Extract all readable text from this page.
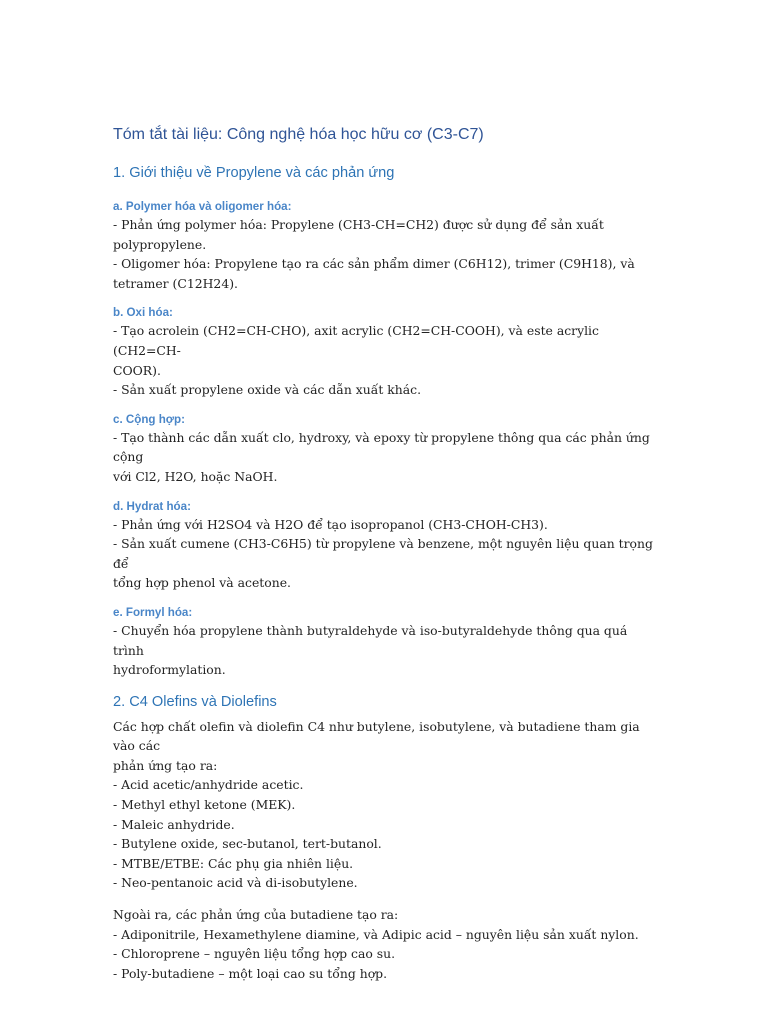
Tóm tắt tài liệu: Công nghệ hóa học hữu cơ (C3-C7)
1. Giới thiệu về Propylene và các phản ứng
a. Polymer hóa và oligomer hóa:

- Phản ứng polymer hóa: Propylene (CH3-CH=CH2) được sử dụng để sản xuất
polypropylene.
- Oligomer hóa: Propylene tạo ra các sản phẩm dimer (C6H12), trimer (C9H18), và
tetramer (C12H24).

b. Oxi hóa:

- Tạo acrolein (CH2=CH-CHO), axit acrylic (CH2=CH-COOH), và este acrylic (CH2=CH-
COOR).
- Sản xuất propylene oxide và các dẫn xuất khác.

c. Cộng hợp:

- Tạo thành các dẫn xuất clo, hydroxy, và epoxy từ propylene thông qua các phản ứng cộng
với Cl2, H2O, hoặc NaOH.

d. Hydrat hóa:

- Phản ứng với H2SO4 và H2O để tạo isopropanol (CH3-CHOH-CH3).
- Sản xuất cumene (CH3-C6H5) từ propylene và benzene, một nguyên liệu quan trọng để
tổng hợp phenol và acetone.

e. Formyl hóa:

- Chuyển hóa propylene thành butyraldehyde và iso-butyraldehyde thông qua quá trình
hydroformylation.

2. C4 Olefins và Diolefins

Các hợp chất olefin và diolefin C4 như butylene, isobutylene, và butadiene tham gia vào các
phản ứng tạo ra:
- Acid acetic/anhydride acetic.
- Methyl ethyl ketone (MEK).
- Maleic anhydride.
- Butylene oxide, sec-butanol, tert-butanol.
- MTBE/ETBE: Các phụ gia nhiên liệu.
- Neo-pentanoic acid và di-isobutylene.

Ngoài ra, các phản ứng của butadiene tạo ra:
- Adiponitrile, Hexamethylene diamine, và Adipic acid – nguyên liệu sản xuất nylon.
- Chloroprene – nguyên liệu tổng hợp cao su.
- Poly-butadiene – một loại cao su tổng hợp.
